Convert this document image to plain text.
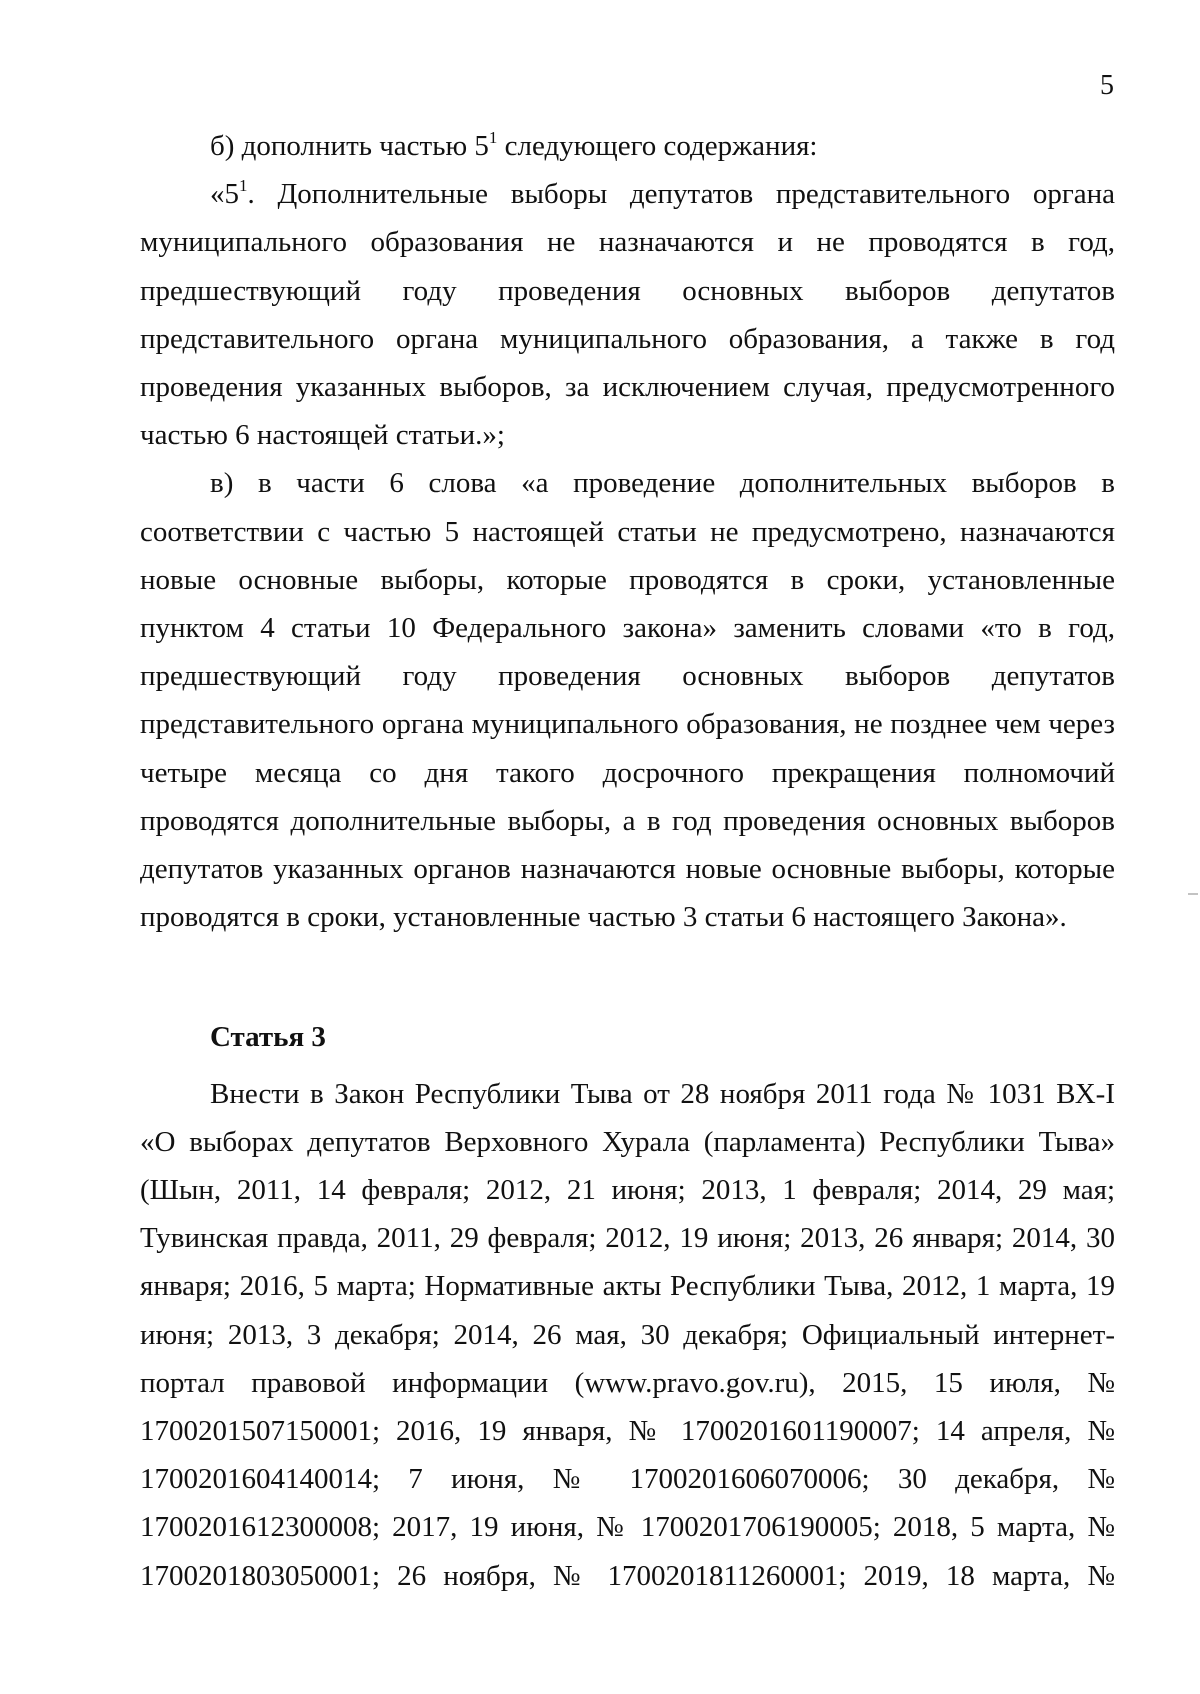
5

б) дополнить частью $5^1$ следующего содержания:

«$5^1$. Дополнительные выборы депутатов представительного органа муниципального образования не назначаются и не проводятся в год, предшествующий году проведения основных выборов депутатов представительного органа муниципального образования, а также в год проведения указанных выборов, за исключением случая, предусмотренного частью 6 настоящей статьи.»;

в) в части 6 слова «а проведение дополнительных выборов в соответствии с частью 5 настоящей статьи не предусмотрено, назначаются новые основные выборы, которые проводятся в сроки, установленные пунктом 4 статьи 10 Федерального закона» заменить словами «то в год, предшествующий году проведения основных выборов депутатов представительного органа муниципального образования, не позднее чем через четыре месяца со дня такого досрочного прекращения полномочий проводятся дополнительные выборы, а в год проведения основных выборов депутатов указанных органов назначаются новые основные выборы, которые проводятся в сроки, установленные частью 3 статьи 6 настоящего Закона».

Статья 3

Внести в Закон Республики Тыва от 28 ноября 2011 года № 1031 ВХ-I «О выборах депутатов Верховного Хурала (парламента) Республики Тыва» (Шын, 2011, 14 февраля; 2012, 21 июня; 2013, 1 февраля; 2014, 29 мая; Тувинская правда, 2011, 29 февраля; 2012, 19 июня; 2013, 26 января; 2014, 30 января; 2016, 5 марта; Нормативные акты Республики Тыва, 2012, 1 марта, 19 июня; 2013, 3 декабря; 2014, 26 мая, 30 декабря; Официальный интернет-портал правовой информации (www.pravo.gov.ru), 2015, 15 июля, № 1700201507150001; 2016, 19 января, № 1700201601190007; 14 апреля, № 1700201604140014; 7 июня, № 1700201606070006; 30 декабря, № 1700201612300008; 2017, 19 июня, № 1700201706190005; 2018, 5 марта, № 1700201803050001; 26 ноября, № 1700201811260001; 2019, 18 марта, №
